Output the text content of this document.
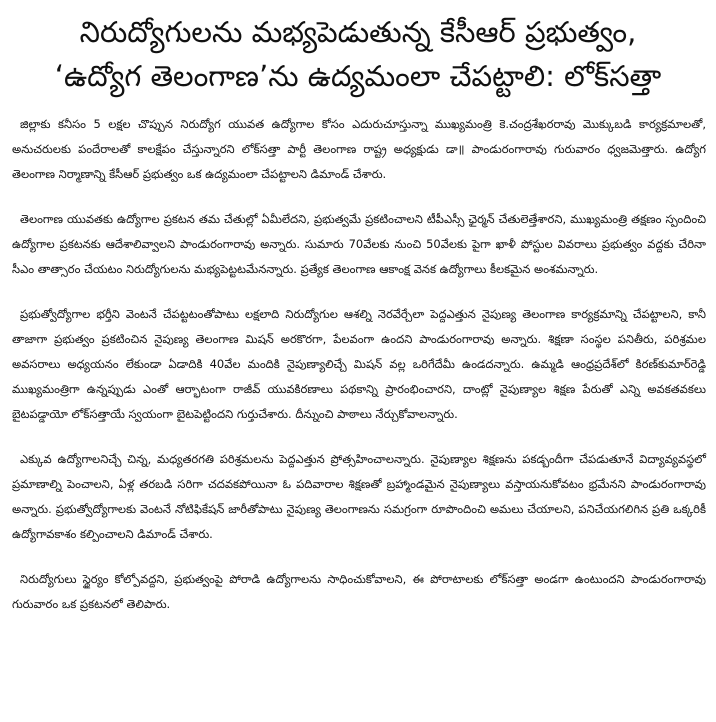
నిరుద్యోగులను మభ్యపెడుతున్న కేసీఆర్ ప్రభుత్వం,
‘ఉద్యోగ తెలంగాణ’ను ఉద్యమంలా చేపట్టాలి: లోక్‌సత్తా

జిల్లాకు కనీసం 5 లక్షల చొప్పున నిరుద్యోగ యువత ఉద్యోగాల కోసం ఎదురుచూస్తున్నా ముఖ్యమంత్రి కె.చంద్రశేఖరరావు మొక్కుబడి కార్యక్రమాలతో, అనుచరులకు పందేరాలతో కాలక్షేపం చేస్తున్నారని లోక్‌సత్తా పార్టీ తెలంగాణ రాష్ట్ర అధ్యక్షుడు డా॥ పాండురంగారావు గురువారం ధ్వజమెత్తారు. ఉద్యోగ తెలంగాణ నిర్మాణాన్ని కేసీఆర్ ప్రభుత్వం ఒక ఉద్యమంలా చేపట్టాలని డిమాండ్ చేశారు.

తెలంగాణ యువతకు ఉద్యోగాల ప్రకటన తమ చేతుల్లో ఏమీలేదని, ప్రభుత్వమే ప్రకటించాలని టీపీఎస్సీ ఛైర్మన్ చేతులెత్తేశారని, ముఖ్యమంత్రి తక్షణం స్పందించి ఉద్యోగాల ప్రకటనకు ఆదేశాలివ్వాలని పాండురంగారావు అన్నారు. సుమారు 70వేలకు నుంచి 50వేలకు పైగా ఖాళీ పోస్టుల వివరాలు ప్రభుత్వం వద్దకు చేరినా సీఎం తాత్సారం చేయటం నిరుద్యోగులను మభ్యపెట్టటమేనన్నారు. ప్రత్యేక తెలంగాణ ఆకాంక్ష వెనక ఉద్యోగాలు కీలకమైన అంశమన్నారు.

ప్రభుత్వోద్యోగాల భర్తీని వెంటనే చేపట్టటంతోపాటు లక్షలాది నిరుద్యోగుల ఆశల్ని నెరవేర్చేలా పెద్దఎత్తున నైపుణ్య తెలంగాణ కార్యక్రమాన్ని చేపట్టాలని, కానీ తాజాగా ప్రభుత్వం ప్రకటించిన నైపుణ్య తెలంగాణ మిషన్ అరకొరగా, పేలవంగా ఉందని పాండురంగారావు అన్నారు. శిక్షణా సంస్థల పనితీరు, పరిశ్రమల అవసరాలు అధ్యయనం లేకుండా ఏడాదికి 40వేల మందికి నైపుణ్యాలిచ్చే మిషన్ వల్ల ఒరిగేదేమీ ఉండదన్నారు. ఉమ్మడి ఆంధ్రప్రదేశ్‌లో కిరణ్‌కుమార్‌రెడ్డి ముఖ్యమంత్రిగా ఉన్నప్పుడు ఎంతో ఆర్భాటంగా రాజీవ్ యువకిరణాలు పథకాన్ని ప్రారంభించారని, దాంట్లో నైపుణ్యాల శిక్షణ పేరుతో ఎన్ని అవకతవకలు బైటపడ్డాయో లోక్‌సత్తాయే స్వయంగా బైటపెట్టిందని గుర్తుచేశారు. దీన్నుంచి పాఠాలు నేర్చుకోవాలన్నారు.

ఎక్కువ ఉద్యోగాలనిచ్చే చిన్న, మధ్యతరగతి పరిశ్రమలను పెద్దఎత్తున ప్రోత్సహించాలన్నారు. నైపుణ్యాల శిక్షణను పకడ్బందీగా చేపడుతూనే విద్యావ్యవస్థలో ప్రమాణాల్ని పెంచాలని, ఏళ్ల తరబడి సరిగా చదవకపోయినా ఓ పదివారాల శిక్షణతో బ్రహ్మాండమైన నైపుణ్యాలు వస్తాయనుకోవటం భ్రమేనని పాండురంగారావు అన్నారు. ప్రభుత్వోద్యోగాలకు వెంటనే నోటిఫికేషన్ జారీతోపాటు నైపుణ్య తెలంగాణను సమగ్రంగా రూపొందించి అమలు చేయాలని, పనిచేయగలిగిన ప్రతి ఒక్కరికీ ఉద్యోగావకాశం కల్పించాలని డిమాండ్ చేశారు.

నిరుద్యోగులు స్థైర్యం కోల్పోవద్దని, ప్రభుత్వంపై పోరాడి ఉద్యోగాలను సాధించుకోవాలని, ఈ పోరాటాలకు లోక్‌సత్తా అండగా ఉంటుందని పాండురంగారావు గురువారం ఒక ప్రకటనలో తెలిపారు.
